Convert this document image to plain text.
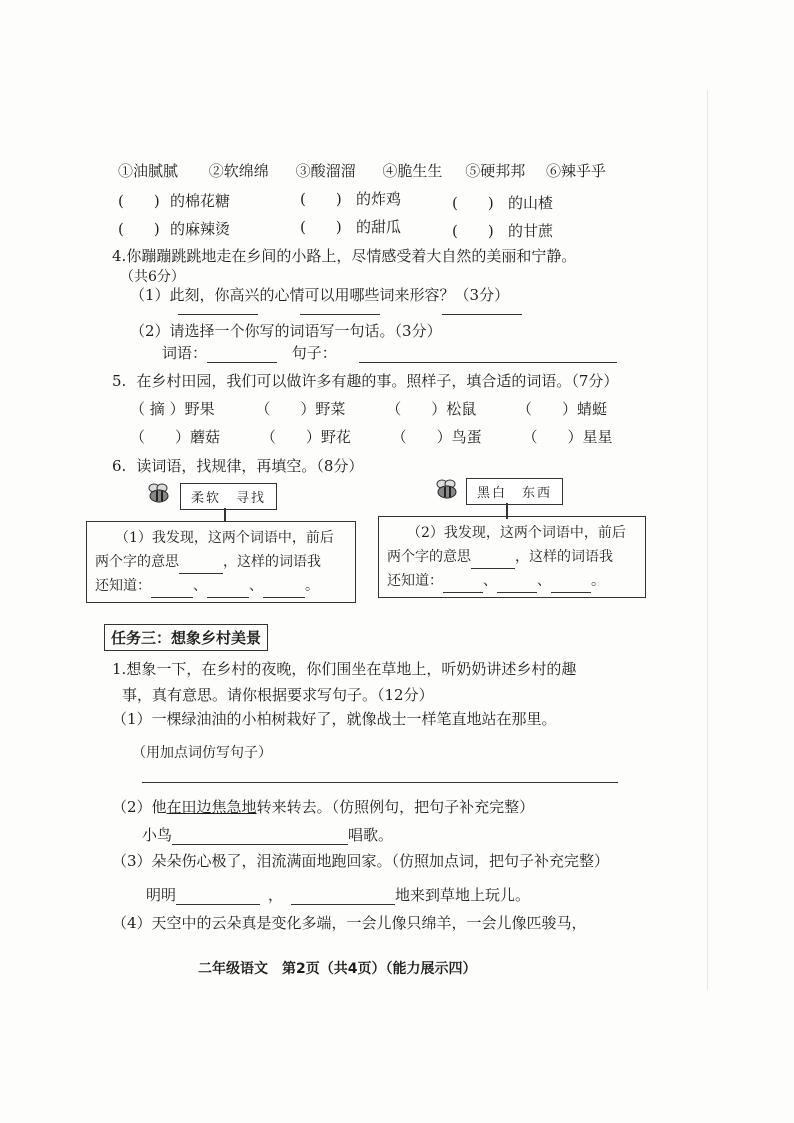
①油腻腻 ②软绵绵 ③酸溜溜 ④脆生生 ⑤硬邦邦 ⑥辣乎乎
(　　) 的棉花糖	(　　) 的炸鸡	(　　) 的山楂
(　　) 的麻辣烫	(　　) 的甜瓜	(　　) 的甘蔗
4.你蹦蹦跳跳地走在乡间的小路上，尽情感受着大自然的美丽和宁静。
（共6分）
（1）此刻，你高兴的心情可以用哪些词来形容？（3分）
（2）请选择一个你写的词语写一句话。（3分）
词语：	句子：
5. 在乡村田园，我们可以做许多有趣的事。照样子，填合适的词语。（7分）
（ 摘 ）野果	（　　）野菜	（　　）松鼠	（　　）蜻蜓
（　　）蘑菇	（　　）野花	（　　）鸟蛋	（　　）星星
6. 读词语，找规律，再填空。（8分）
柔软　寻找	黑白　东西
（1）我发现，这两个词语中，前后
两个字的意思	，这样的词语我
还知道：	、	、	。
（2）我发现，这两个词语中，前后
两个字的意思	，这样的词语我
还知道：	、	、	。
任务三：想象乡村美景
1.想象一下，在乡村的夜晚，你们围坐在草地上，听奶奶讲述乡村的趣
事，真有意思。请你根据要求写句子。（12分）
（1）一棵绿油油的小柏树栽好了，就像战士一样笔直地站在那里。
（用加点词仿写句子）
（2）他在田边焦急地转来转去。（仿照例句，把句子补充完整）
小鸟	唱歌。
（3）朵朵伤心极了，泪流满面地跑回家。（仿照加点词，把句子补充完整）
明明	，	地来到草地上玩儿。
（4）天空中的云朵真是变化多端，一会儿像只绵羊，一会儿像匹骏马，
二年级语文　第2页（共4页）（能力展示四）
